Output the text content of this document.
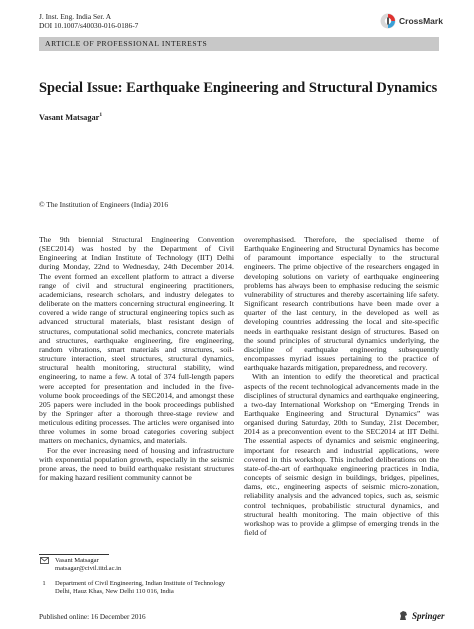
J. Inst. Eng. India Ser. A
DOI 10.1007/s40030-016-0186-7	CrossMark
ARTICLE OF PROFESSIONAL INTERESTS
Special Issue: Earthquake Engineering and Structural Dynamics
Vasant Matsagar$^1$
© The Institution of Engineers (India) 2016

The 9th biennial Structural Engineering Convention (SEC2014) was hosted by the Department of Civil Engineering at Indian Institute of Technology (IIT) Delhi during Monday, 22nd to Wednesday, 24th December 2014. The event formed an excellent platform to attract a diverse range of civil and structural engineering practitioners, academicians, research scholars, and industry delegates to deliberate on the matters concerning structural engineering. It covered a wide range of structural engineering topics such as advanced structural materials, blast resistant design of structures, computational solid mechanics, concrete materials and structures, earthquake engineering, fire engineering, random vibrations, smart materials and structures, soil-structure interaction, steel structures, structural dynamics, structural health monitoring, structural stability, wind engineering, to name a few. A total of 374 full-length papers were accepted for presentation and included in the five-volume book proceedings of the SEC2014, and amongst these 205 papers were included in the book proceedings published by the Springer after a thorough three-stage review and meticulous editing processes. The articles were organised into three volumes in some broad categories covering subject matters on mechanics, dynamics, and materials.

For the ever increasing need of housing and infrastructure with exponential population growth, especially in the seismic prone areas, the need to build earthquake resistant structures for making hazard resilient community cannot be

overemphasised. Therefore, the specialised theme of Earthquake Engineering and Structural Dynamics has become of paramount importance especially to the structural engineers. The prime objective of the researchers engaged in developing solutions on variety of earthquake engineering problems has always been to emphasise reducing the seismic vulnerability of structures and thereby ascertaining life safety. Significant research contributions have been made over a quarter of the last century, in the developed as well as developing countries addressing the local and site-specific needs in earthquake resistant design of structures. Based on the sound principles of structural dynamics underlying, the discipline of earthquake engineering subsequently encompasses myriad issues pertaining to the practice of earthquake hazards mitigation, preparedness, and recovery.

With an intention to edify the theoretical and practical aspects of the recent technological advancements made in the disciplines of structural dynamics and earthquake engineering, a two-day International Workshop on “Emerging Trends in Earthquake Engineering and Structural Dynamics” was organised during Saturday, 20th to Sunday, 21st December, 2014 as a preconvention event to the SEC2014 at IIT Delhi. The essential aspects of dynamics and seismic engineering, important for research and industrial applications, were covered in this workshop. This included deliberations on the state-of-the-art of earthquake engineering practices in India, concepts of seismic design in buildings, bridges, pipelines, dams, etc., engineering aspects of seismic micro-zonation, reliability analysis and the advanced topics, such as, seismic control techniques, probabilistic structural dynamics, and structural health monitoring. The main objective of this workshop was to provide a glimpse of emerging trends in the field of

Vasant Matsagar
matsagar@civil.iitd.ac.in
1	Department of Civil Engineering, Indian Institute of Technology Delhi, Hauz Khas, New Delhi 110 016, India
Published online: 16 December 2016	Springer
